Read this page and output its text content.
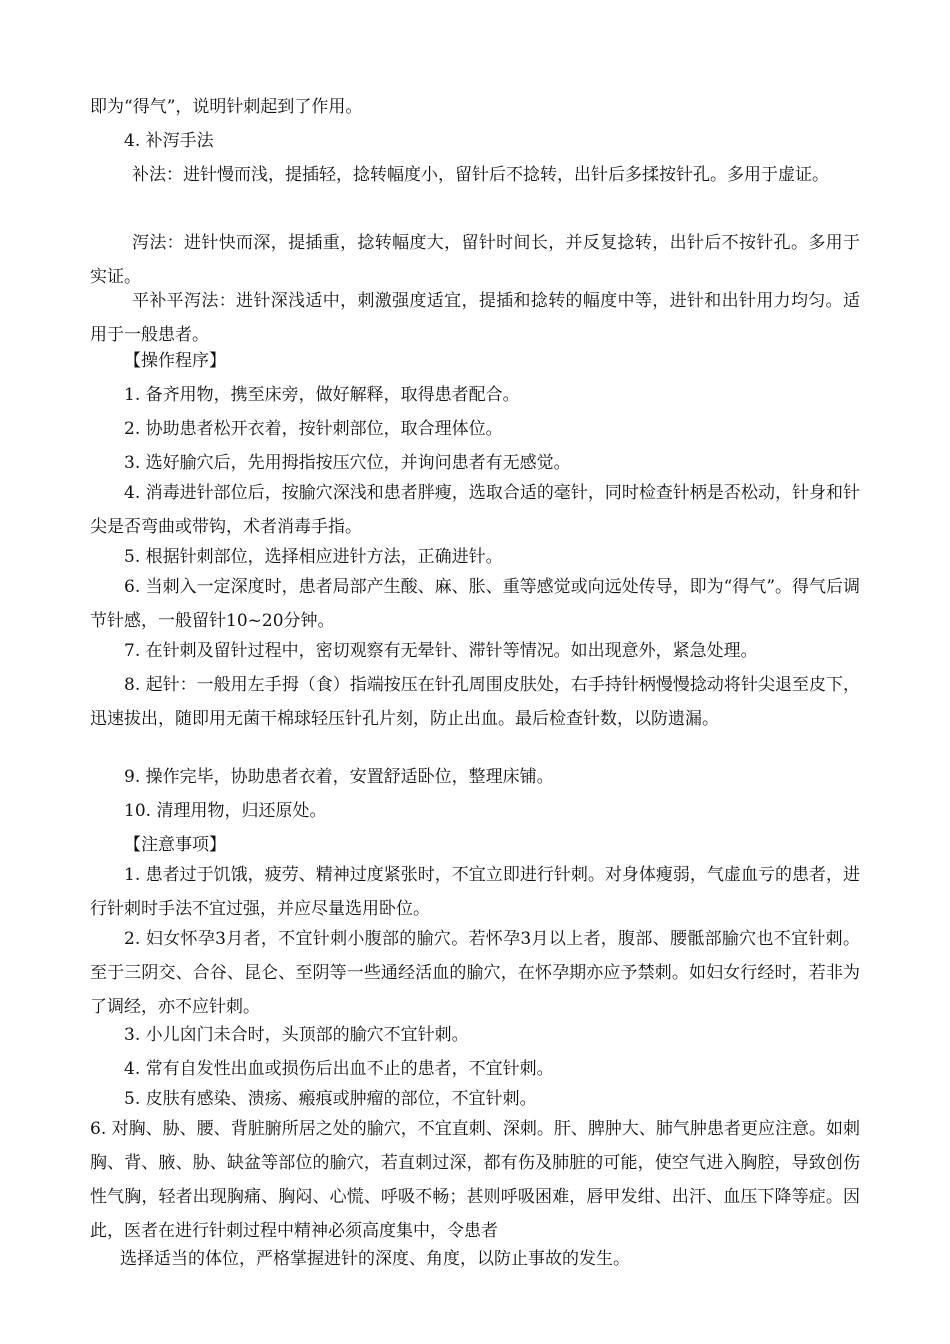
即为“得气”，说明针刺起到了作用。

4. 补泻手法

补法：进针慢而浅，提插轻，捻转幅度小，留针后不捻转，出针后多揉按针孔。多用于虚证。

泻法：进针快而深，提插重，捻转幅度大，留针时间长，并反复捻转，出针后不按针孔。多用于实证。

平补平泻法：进针深浅适中，刺激强度适宜，提插和捻转的幅度中等，进针和出针用力均匀。适用于一般患者。

【操作程序】

1. 备齐用物，携至床旁，做好解释，取得患者配合。

2. 协助患者松开衣着，按针刺部位，取合理体位。

3. 选好腧穴后，先用拇指按压穴位，并询问患者有无感觉。

4. 消毒进针部位后，按腧穴深浅和患者胖瘦，选取合适的毫针，同时检查针柄是否松动，针身和针尖是否弯曲或带钩，术者消毒手指。

5. 根据针刺部位，选择相应进针方法，正确进针。

6. 当刺入一定深度时，患者局部产生酸、麻、胀、重等感觉或向远处传导，即为“得气”。得气后调节针感，一般留针10~20分钟。

7. 在针刺及留针过程中，密切观察有无晕针、滞针等情况。如出现意外，紧急处理。

8. 起针：一般用左手拇（食）指端按压在针孔周围皮肤处，右手持针柄慢慢捻动将针尖退至皮下，迅速拔出，随即用无菌干棉球轻压针孔片刻，防止出血。最后检查针数，以防遗漏。

9. 操作完毕，协助患者衣着，安置舒适卧位，整理床铺。

10. 清理用物，归还原处。

【注意事项】

1. 患者过于饥饿，疲劳、精神过度紧张时，不宜立即进行针刺。对身体瘦弱，气虚血亏的患者，进行针刺时手法不宜过强，并应尽量选用卧位。

2. 妇女怀孕3月者，不宜针刺小腹部的腧穴。若怀孕3月以上者，腹部、腰骶部腧穴也不宜针刺。至于三阴交、合谷、昆仑、至阴等一些通经活血的腧穴，在怀孕期亦应予禁刺。如妇女行经时，若非为了调经，亦不应针刺。

3. 小儿囟门未合时，头顶部的腧穴不宜针刺。

4. 常有自发性出血或损伤后出血不止的患者，不宜针刺。

5. 皮肤有感染、溃疡、瘢痕或肿瘤的部位，不宜针刺。

6. 对胸、胁、腰、背脏腑所居之处的腧穴，不宜直刺、深刺。肝、脾肿大、肺气肿患者更应注意。如刺胸、背、腋、胁、缺盆等部位的腧穴，若直刺过深，都有伤及肺脏的可能，使空气进入胸腔，导致创伤性气胸，轻者出现胸痛、胸闷、心慌、呼吸不畅；甚则呼吸困难，唇甲发绀、出汗、血压下降等症。因此，医者在进行针刺过程中精神必须高度集中，令患者

选择适当的体位，严格掌握进针的深度、角度，以防止事故的发生。
